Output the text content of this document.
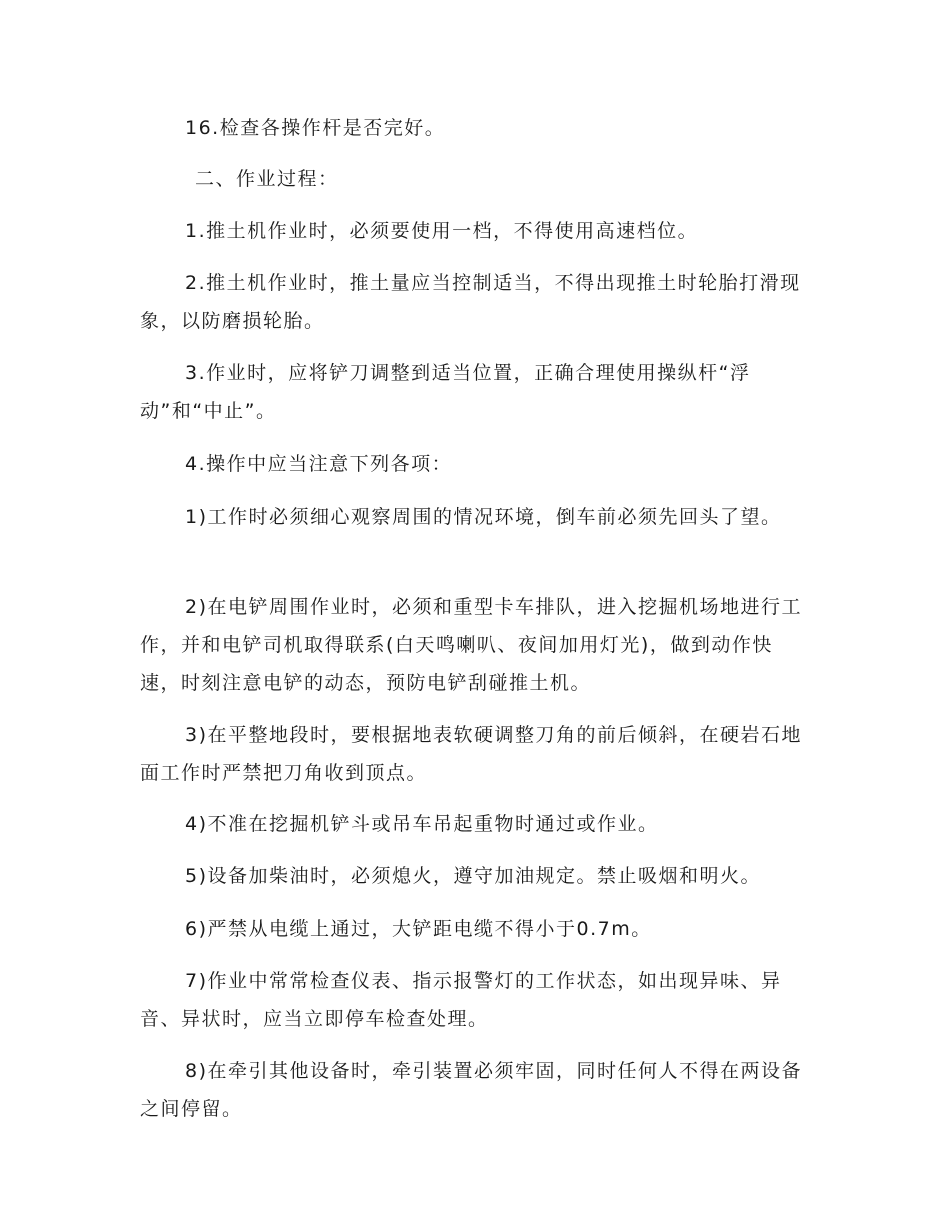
16.检查各操作杆是否完好。

二、作业过程：

1.推土机作业时，必须要使用一档，不得使用高速档位。

2.推土机作业时，推土量应当控制适当，不得出现推土时轮胎打滑现象，以防磨损轮胎。

3.作业时，应将铲刀调整到适当位置，正确合理使用操纵杆“浮动”和“中止”。

4.操作中应当注意下列各项：

1)工作时必须细心观察周围的情况环境，倒车前必须先回头了望。

2)在电铲周围作业时，必须和重型卡车排队，进入挖掘机场地进行工作，并和电铲司机取得联系(白天鸣喇叭、夜间加用灯光)，做到动作快速，时刻注意电铲的动态，预防电铲刮碰推土机。

3)在平整地段时，要根据地表软硬调整刀角的前后倾斜，在硬岩石地面工作时严禁把刀角收到顶点。

4)不准在挖掘机铲斗或吊车吊起重物时通过或作业。

5)设备加柴油时，必须熄火，遵守加油规定。禁止吸烟和明火。

6)严禁从电缆上通过，大铲距电缆不得小于0.7m。

7)作业中常常检查仪表、指示报警灯的工作状态，如出现异味、异音、异状时，应当立即停车检查处理。

8)在牵引其他设备时，牵引装置必须牢固，同时任何人不得在两设备之间停留。
